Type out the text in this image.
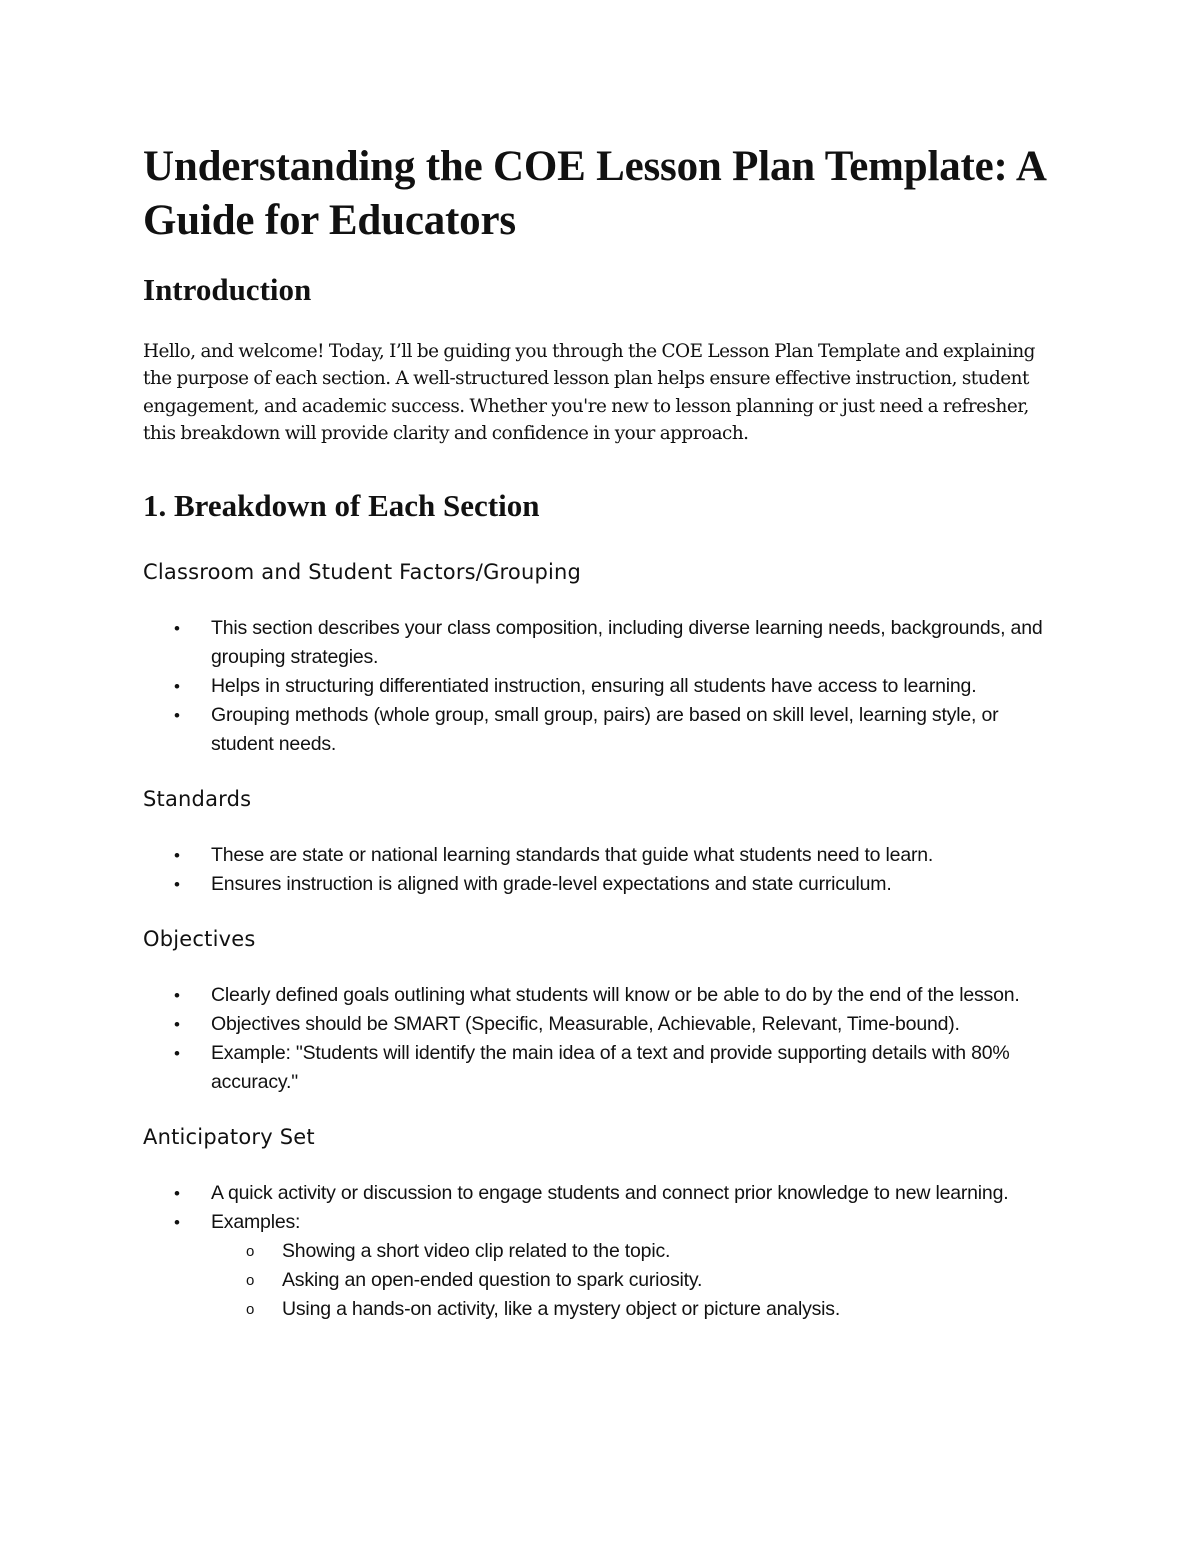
Understanding the COE Lesson Plan Template: A Guide for Educators
Introduction

Hello, and welcome! Today, I’ll be guiding you through the COE Lesson Plan Template and explaining the purpose of each section. A well-structured lesson plan helps ensure effective instruction, student engagement, and academic success. Whether you're new to lesson planning or just need a refresher, this breakdown will provide clarity and confidence in your approach.

1. Breakdown of Each Section
Classroom and Student Factors/Grouping
• This section describes your class composition, including diverse learning needs, backgrounds, and grouping strategies.
• Helps in structuring differentiated instruction, ensuring all students have access to learning.
• Grouping methods (whole group, small group, pairs) are based on skill level, learning style, or student needs.
Standards
• These are state or national learning standards that guide what students need to learn.
• Ensures instruction is aligned with grade-level expectations and state curriculum.
Objectives
• Clearly defined goals outlining what students will know or be able to do by the end of the lesson.
• Objectives should be SMART (Specific, Measurable, Achievable, Relevant, Time-bound).
• Example: "Students will identify the main idea of a text and provide supporting details with 80% accuracy."
Anticipatory Set
• A quick activity or discussion to engage students and connect prior knowledge to new learning.
• Examples:
o Showing a short video clip related to the topic.
o Asking an open-ended question to spark curiosity.
o Using a hands-on activity, like a mystery object or picture analysis.
